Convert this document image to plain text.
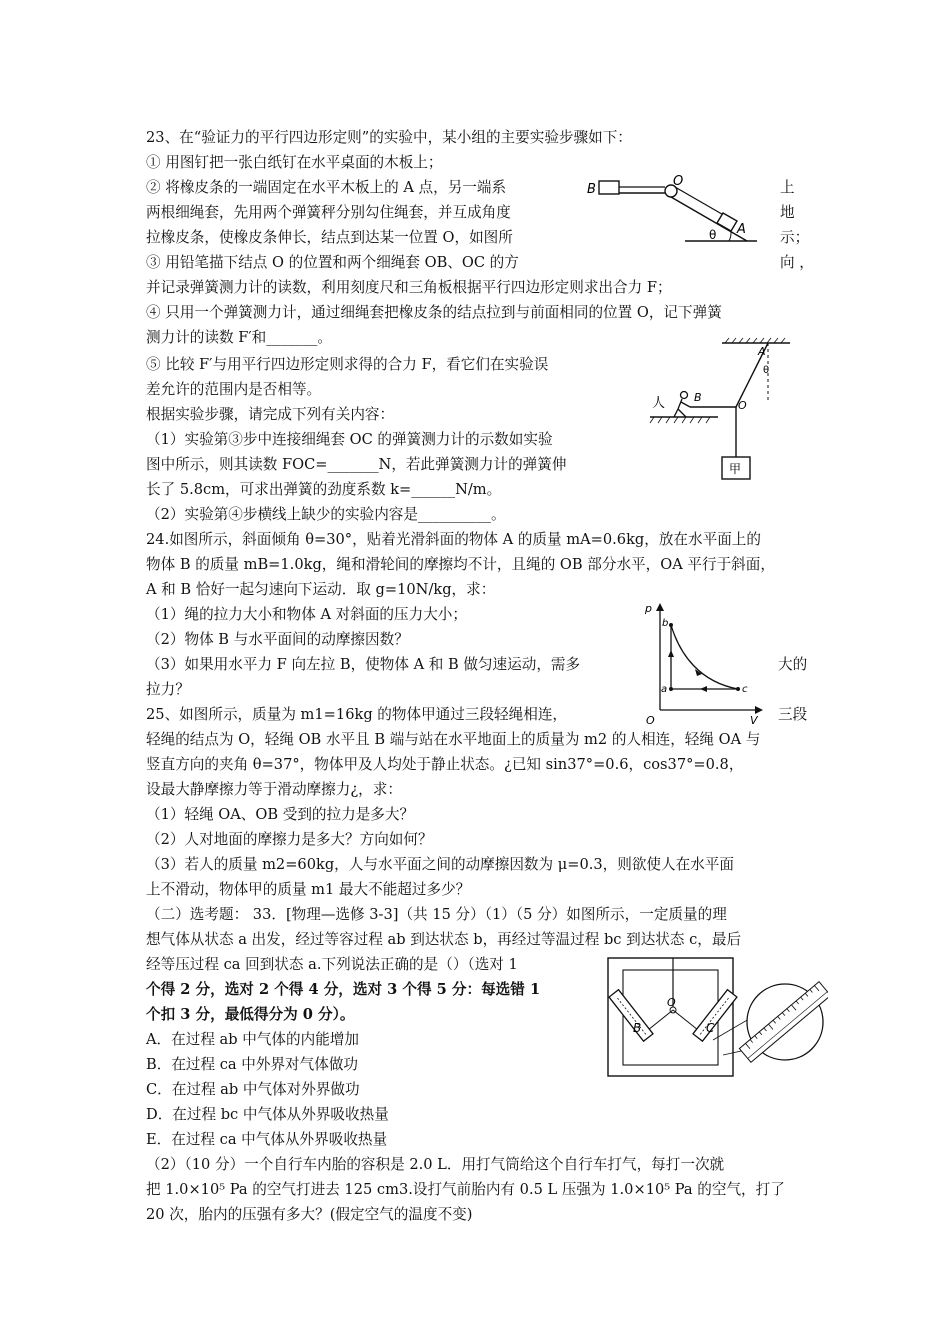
23、在“验证力的平行四边形定则”的实验中，某小组的主要实验步骤如下：
① 用图钉把一张白纸钉在水平桌面的木板上；
② 将橡皮条的一端固定在水平木板上的 A 点，另一端系
两根细绳套，先用两个弹簧秤分别勾住绳套，并互成角度
拉橡皮条，使橡皮条伸长，结点到达某一位置 O，如图所
③ 用铅笔描下结点 O 的位置和两个细绳套 OB、OC 的方
并记录弹簧测力计的读数，利用刻度尺和三角板根据平行四边形定则求出合力 F；
④ 只用一个弹簧测力计，通过细绳套把橡皮条的结点拉到与前面相同的位置 O，记下弹簧
测力计的读数 F′和_______。
⑤ 比较 F′与用平行四边形定则求得的合力 F，看它们在实验误
差允许的范围内是否相等。
根据实验步骤，请完成下列有关内容：
（1）实验第③步中连接细绳套 OC 的弹簧测力计的示数如实验
图中所示，则其读数 FOC=_______N，若此弹簧测力计的弹簧伸
长了 5.8cm，可求出弹簧的劲度系数 k=______N/m。
（2）实验第④步横线上缺少的实验内容是__________。
24.如图所示，斜面倾角 θ=30°，贴着光滑斜面的物体 A 的质量 mA=0.6kg，放在水平面上的
物体 B 的质量 mB=1.0kg，绳和滑轮间的摩擦均不计，且绳的 OB 部分水平，OA 平行于斜面，
A 和 B 恰好一起匀速向下运动．取 g=10N/kg，求：
（1）绳的拉力大小和物体 A 对斜面的压力大小；
（2）物体 B 与水平面间的动摩擦因数？
（3）如果用水平力 F 向左拉 B，使物体 A 和 B 做匀速运动，需多
拉力？
25、如图所示，质量为 m1=16kg 的物体甲通过三段轻绳相连，
轻绳的结点为 O，轻绳 OB 水平且 B 端与站在水平地面上的质量为 m2 的人相连，轻绳 OA 与
竖直方向的夹角 θ=37°，物体甲及人均处于静止状态。¿已知 sin37°=0.6，cos37°=0.8，
设最大静摩擦力等于滑动摩擦力¿，求：
（1）轻绳 OA、OB 受到的拉力是多大？
（2）人对地面的摩擦力是多大？方向如何？
（3）若人的质量 m2=60kg，人与水平面之间的动摩擦因数为 μ=0.3，则欲使人在水平面
上不滑动，物体甲的质量 m1 最大不能超过多少？
（二）选考题： 33．[物理—选修 3-3]（共 15 分）（1）（5 分）如图所示，一定质量的理
想气体从状态 a 出发，经过等容过程 ab 到达状态 b，再经过等温过程 bc 到达状态 c，最后
经等压过程 ca 回到状态 a.下列说法正确的是（）（选对 1
个得 2 分，选对 2 个得 4 分，选对 3 个得 5 分：每选错 1
个扣 3 分，最低得分为 0 分）。
A．在过程 ab 中气体的内能增加
B．在过程 ca 中外界对气体做功
C．在过程 ab 中气体对外界做功
D．在过程 bc 中气体从外界吸收热量
E．在过程 ca 中气体从外界吸收热量
（2）（10 分）一个自行车内胎的容积是 2.0 L．用打气筒给这个自行车打气，每打一次就
把 1.0×10⁵ Pa 的空气打进去 125 cm3.设打气前胎内有 0.5 L 压强为 1.0×10⁵ Pa 的空气，打了
20 次，胎内的压强有多大？(假定空气的温度不变)
上
地
示；
向 ，
大的
三段
B
O
A
θ
A
θ
人	B
O
甲
p
V
O
a
b
c
B
O
C
